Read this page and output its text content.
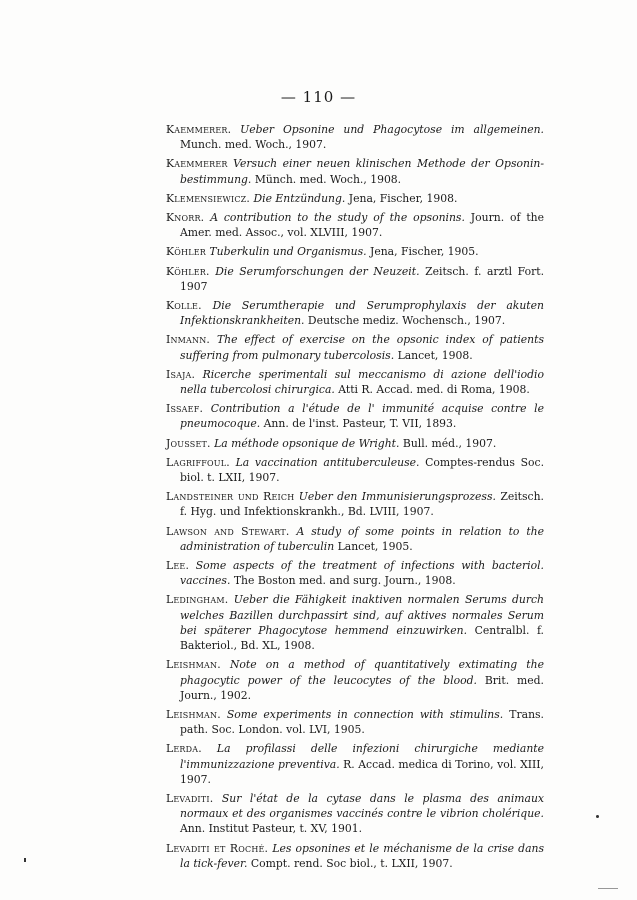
— 110 —

Kaemmerer. Ueber Opsonine und Phagocytose im allgemeinen. Munch. med. Woch., 1907.

Kaemmerer Versuch einer neuen klinischen Methode der Opsonin-bestimmung. Münch. med. Woch., 1908.

Klemensiewicz. Die Entzündung. Jena, Fischer, 1908.

Knorr. A contribution to the study of the opsonins. Journ. of the Amer. med. Assoc., vol. XLVIII, 1907.

Köhler Tuberkulin und Organismus. Jena, Fischer, 1905.

Köhler. Die Serumforschungen der Neuzeit. Zeitsch. f. arztl Fort. 1907

Kolle. Die Serumtherapie und Serumprophylaxis der akuten Infektionskrankheiten. Deutsche mediz. Wochensch., 1907.

Inmann. The effect of exercise on the opsonic index of patients suffering from pulmonary tubercolosis. Lancet, 1908.

Isaja. Ricerche sperimentali sul meccanismo di azione dell'iodio nella tubercolosi chirurgica. Atti R. Accad. med. di Roma, 1908.

Issaef. Contribution a l'étude de l' immunité acquise contre le pneumocoque. Ann. de l'inst. Pasteur, T. VII, 1893.

Jousset. La méthode opsonique de Wright. Bull. méd., 1907.

Lagriffoul. La vaccination antituberculeuse. Comptes-rendus Soc. biol. t. LXII, 1907.

Landsteiner und Reich Ueber den Immunisierungsprozess. Zeitsch. f. Hyg. und Infektionskrankh., Bd. LVIII, 1907.

Lawson and Stewart. A study of some points in relation to the administration of tuberculin Lancet, 1905.

Lee. Some aspects of the treatment of infections with bacteriol. vaccines. The Boston med. and surg. Journ., 1908.

Ledingham. Ueber die Fähigkeit inaktiven normalen Serums durch welches Bazillen durchpassirt sind, auf aktives normales Serum bei späterer Phagocytose hemmend einzuwirken. Centralbl. f. Bakteriol., Bd. XL, 1908.

Leishman. Note on a method of quantitatively extimating the phagocytic power of the leucocytes of the blood. Brit. med. Journ., 1902.

Leishman. Some experiments in connection with stimulins. Trans. path. Soc. London. vol. LVI, 1905.

Lerda. La profilassi delle infezioni chirurgiche mediante l'immunizzazione preventiva. R. Accad. medica di Torino, vol. XIII, 1907.

Levaditi. Sur l'état de la cytase dans le plasma des animaux normaux et des organismes vaccinés contre le vibrion cholérique. Ann. Institut Pasteur, t. XV, 1901.

Levaditi et Roché. Les opsonines et le méchanisme de la crise dans la tick-fever. Compt. rend. Soc biol., t. LXII, 1907.
